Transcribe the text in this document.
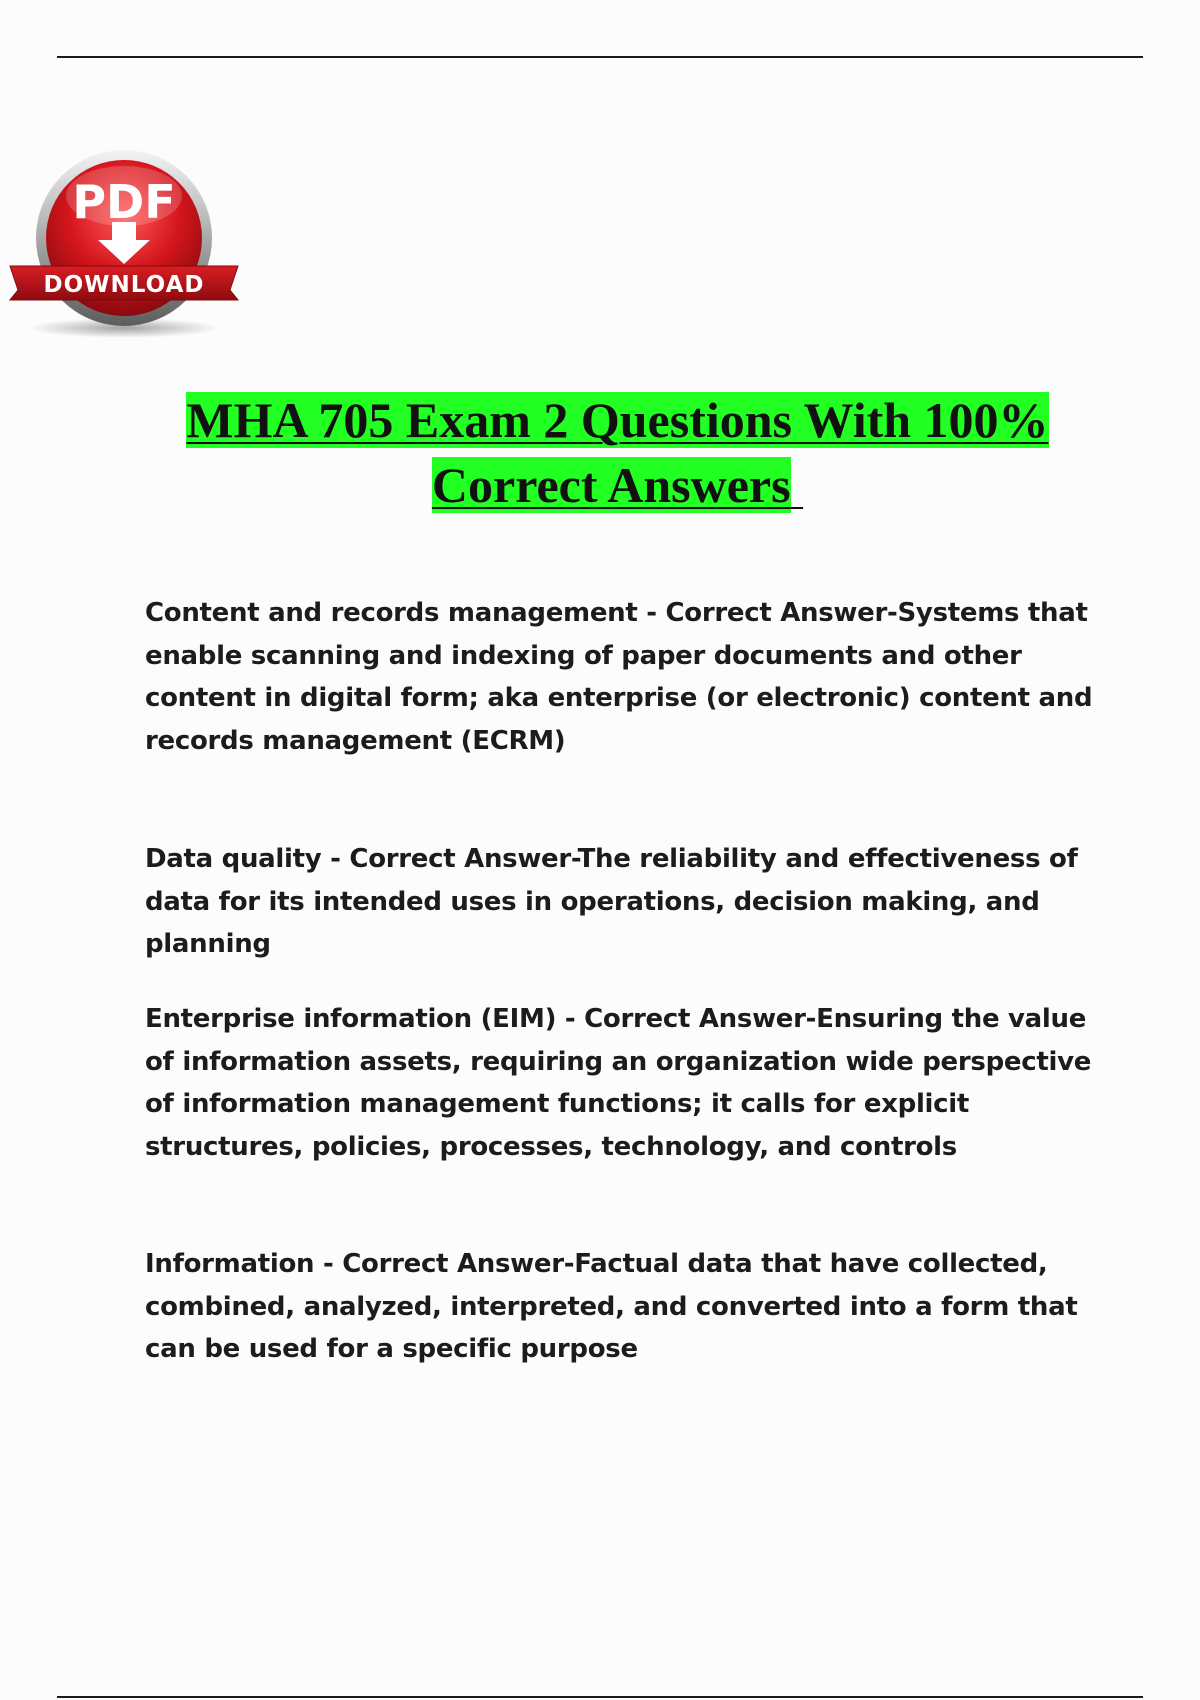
PDF
DOWNLOAD
MHA 705 Exam 2 Questions With 100%
Correct Answers
Content and records management - Correct Answer-Systems that enable scanning and indexing of paper documents and other content in digital form; aka enterprise (or electronic) content and records management (ECRM)
Data quality - Correct Answer-The reliability and effectiveness of data for its intended uses in operations, decision making, and planning
Enterprise information (EIM) - Correct Answer-Ensuring the value of information assets, requiring an organization wide perspective of information management functions; it calls for explicit structures, policies, processes, technology, and controls
Information - Correct Answer-Factual data that have collected, combined, analyzed, interpreted, and converted into a form that can be used for a specific purpose
